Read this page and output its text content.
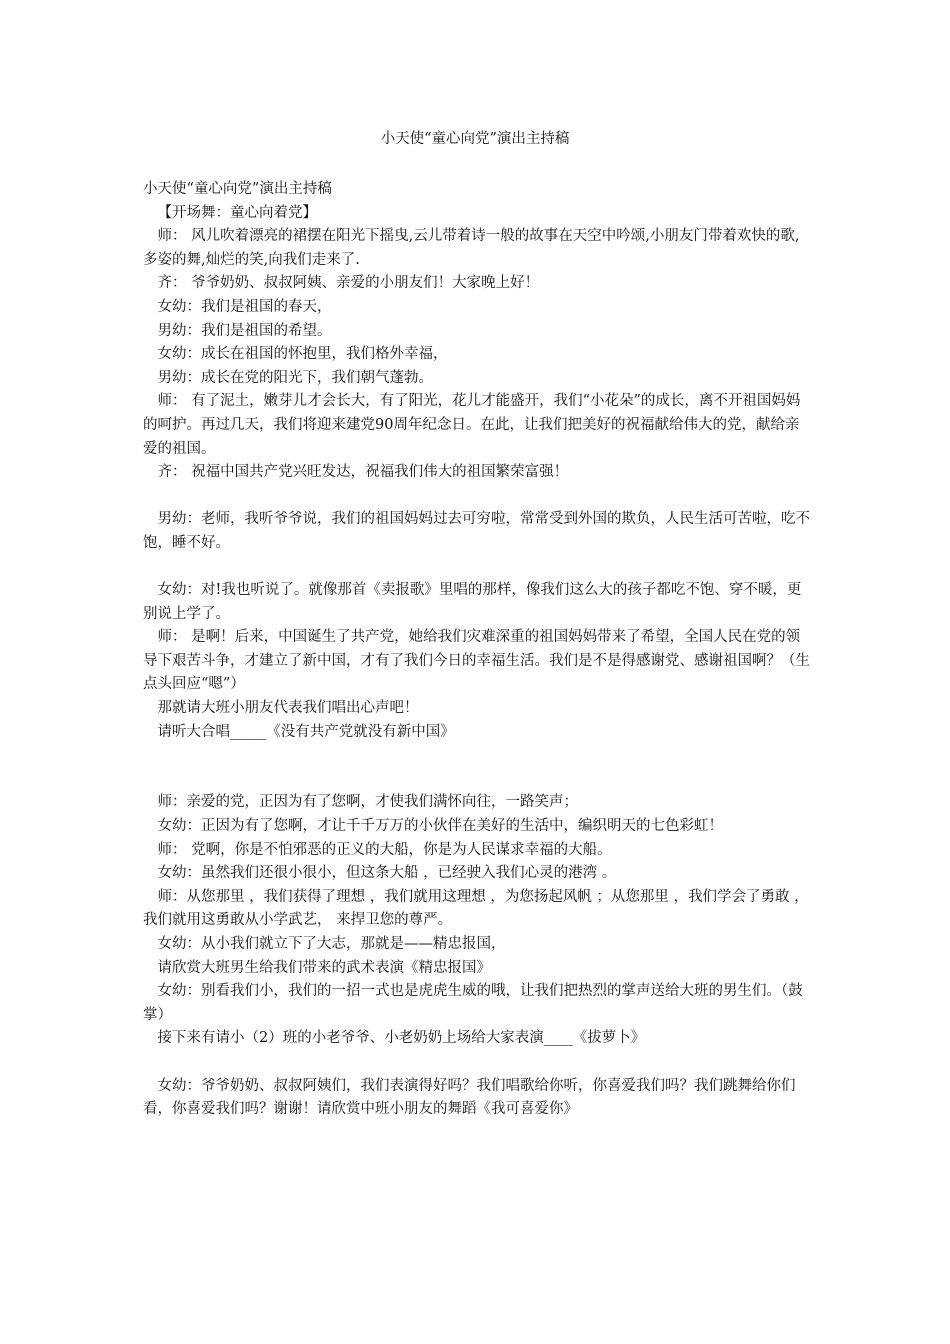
小天使“童心向党”演出主持稿

小天使“童心向党”演出主持稿

【开场舞：童心向着党】

师： 风儿吹着漂亮的裙摆在阳光下摇曳,云儿带着诗一般的故事在天空中吟颂,小朋友门带着欢快的歌,多姿的舞,灿烂的笑,向我们走来了.

齐： 爷爷奶奶、叔叔阿姨、亲爱的小朋友们！大家晚上好！

女幼：我们是祖国的春天，

男幼：我们是祖国的希望。

女幼：成长在祖国的怀抱里，我们格外幸福，

男幼：成长在党的阳光下，我们朝气蓬勃。

师： 有了泥土，嫩芽儿才会长大，有了阳光，花儿才能盛开，我们“小花朵”的成长，离不开祖国妈妈的呵护。再过几天，我们将迎来建党90周年纪念日。在此，让我们把美好的祝福献给伟大的党，献给亲爱的祖国。

齐： 祝福中国共产党兴旺发达，祝福我们伟大的祖国繁荣富强！

男幼：老师，我听爷爷说，我们的祖国妈妈过去可穷啦，常常受到外国的欺负，人民生活可苦啦，吃不饱，睡不好。

女幼：对!我也听说了。就像那首《卖报歌》里唱的那样，像我们这么大的孩子都吃不饱、穿不暖，更别说上学了。

师： 是啊！后来，中国诞生了共产党，她给我们灾难深重的祖国妈妈带来了希望，全国人民在党的领导下艰苦斗争，才建立了新中国，才有了我们今日的幸福生活。我们是不是得感谢党、感谢祖国啊？（生点头回应“嗯”）

那就请大班小朋友代表我们唱出心声吧！

请听大合唱_____《没有共产党就没有新中国》

师：亲爱的党，正因为有了您啊，才使我们满怀向往，一路笑声；

女幼：正因为有了您啊，才让千千万万的小伙伴在美好的生活中，编织明天的七色彩虹！

师： 党啊，你是不怕邪恶的正义的大船，你是为人民谋求幸福的大船。

女幼：虽然我们还很小很小，但这条大船 ，已经驶入我们心灵的港湾 。

师：从您那里 ，我们获得了理想 ，我们就用这理想 ，为您扬起风帆 ；从您那里 ，我们学会了勇敢 ，我们就用这勇敢从小学武艺， 来捍卫您的尊严。

女幼：从小我们就立下了大志，那就是——精忠报国，

请欣赏大班男生给我们带来的武术表演《精忠报国》

女幼：别看我们小，我们的一招一式也是虎虎生威的哦，让我们把热烈的掌声送给大班的男生们。（鼓掌）

接下来有请小（2）班的小老爷爷、小老奶奶上场给大家表演____《拔萝卜》

女幼：爷爷奶奶、叔叔阿姨们，我们表演得好吗？我们唱歌给你听，你喜爱我们吗？我们跳舞给你们看，你喜爱我们吗？谢谢！请欣赏中班小朋友的舞蹈《我可喜爱你》
